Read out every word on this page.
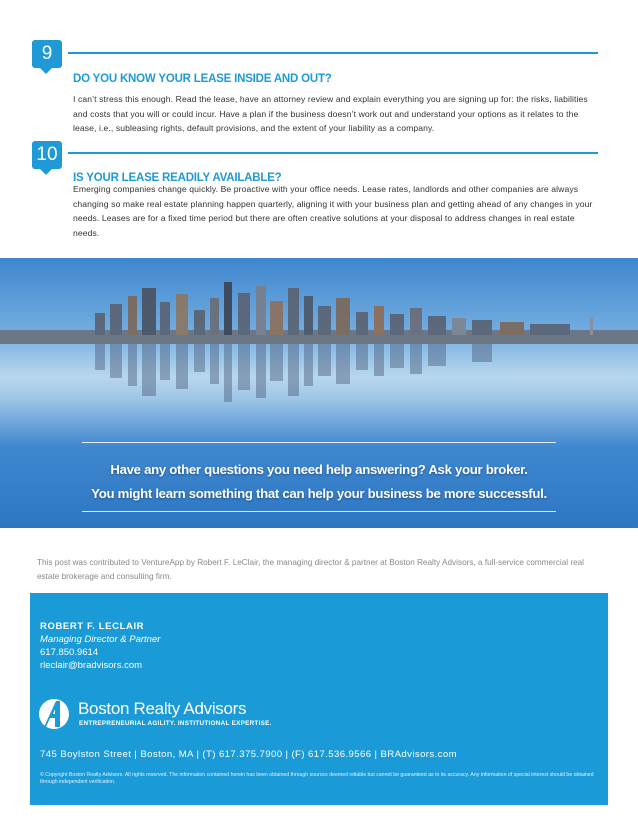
9
DO YOU KNOW YOUR LEASE INSIDE AND OUT?
I can’t stress this enough. Read the lease, have an attorney review and explain everything you are signing up for: the risks, liabilities and costs that you will or could incur. Have a plan if the business doesn’t work out and understand your options as it relates to the lease, i.e., subleasing rights, default provisions, and the extent of your liability as a company.
10
IS YOUR LEASE READILY AVAILABLE?
Emerging companies change quickly. Be proactive with your office needs. Lease rates, landlords and other companies are always changing so make real estate planning happen quarterly, aligning it with your business plan and getting ahead of any changes in your needs. Leases are for a fixed time period but there are often creative solutions at your disposal to address changes in real estate needs.
Have any other questions you need help answering? Ask your broker.
You might learn something that can help your business be more successful.
This post was contributed to VentureApp by Robert F. LeClair, the managing director & partner at Boston Realty Advisors, a full-service commercial real estate brokerage and consulting firm.
ROBERT F. LECLAIR
Managing Director & Partner
617.850.9614
rleclair@bradvisors.com
Boston Realty Advisors
ENTREPRENEURIAL AGILITY. INSTITUTIONAL EXPERTISE.
745 Boylston Street | Boston, MA | (T) 617.375.7900 | (F) 617.536.9566 | BRAdvisors.com
© Copyright Boston Realty Advisors. All rights reserved. The information contained herein has been obtained through sources deemed reliable but cannot be guaranteed as to its accuracy. Any information of special interest should be obtained through independent verification.
